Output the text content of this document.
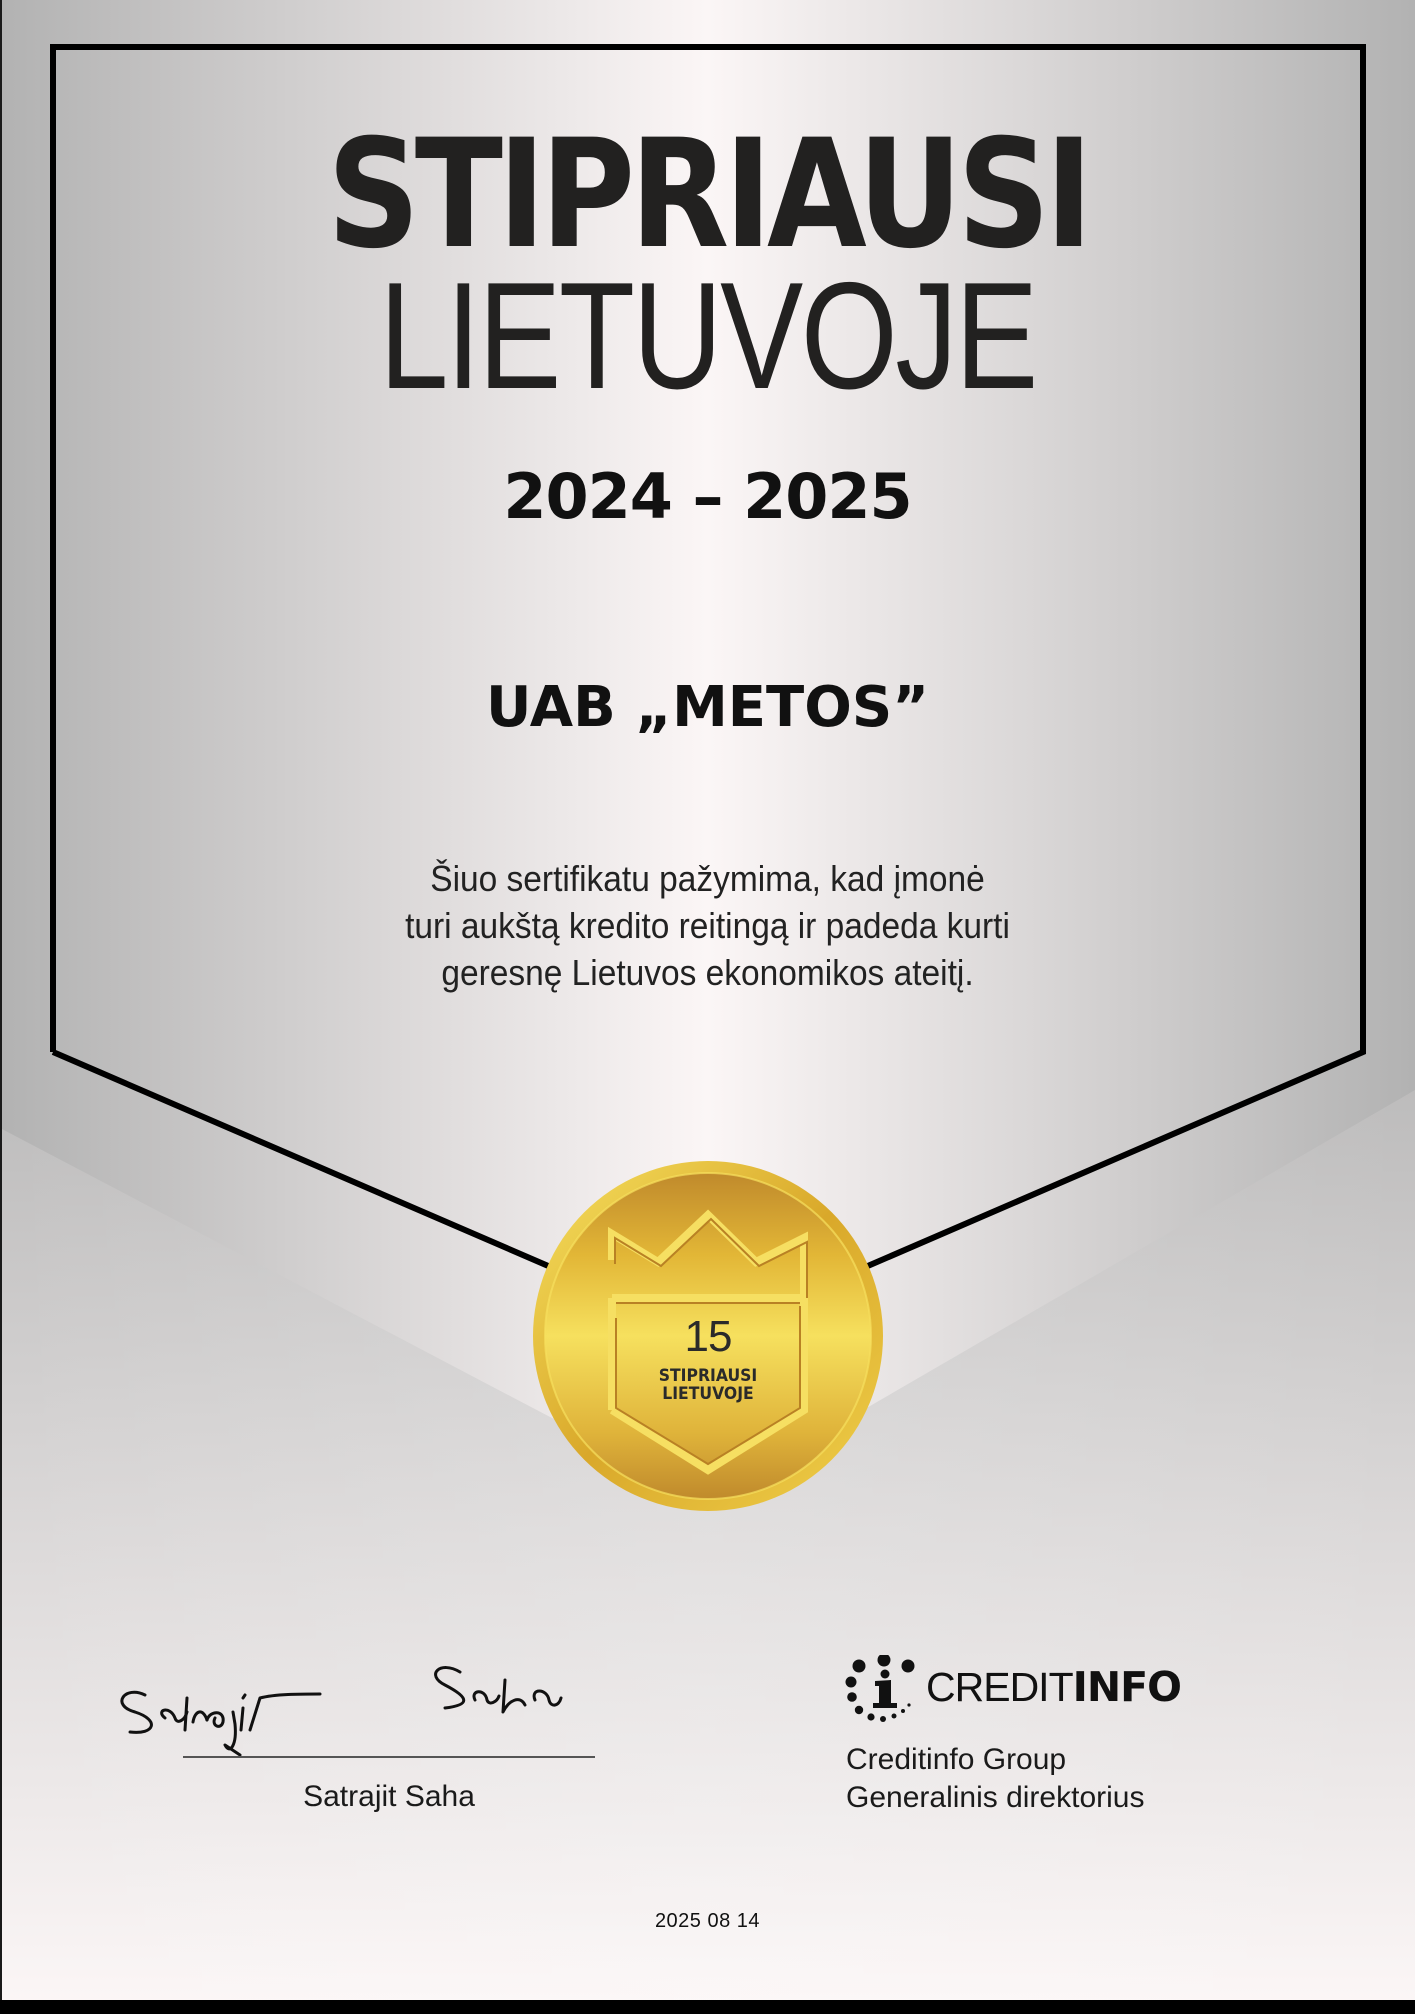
STIPRIAUSI
LIETUVOJE
2024 – 2025
UAB „METOS”
Šiuo sertifikatu pažymima, kad įmonė
turi aukštą kredito reitingą ir padeda kurti
geresnę Lietuvos ekonomikos ateitį.
15
STIPRIAUSI
LIETUVOJE
Satrajit Saha
CREDITINFO
Creditinfo Group
Generalinis direktorius
2025 08 14
